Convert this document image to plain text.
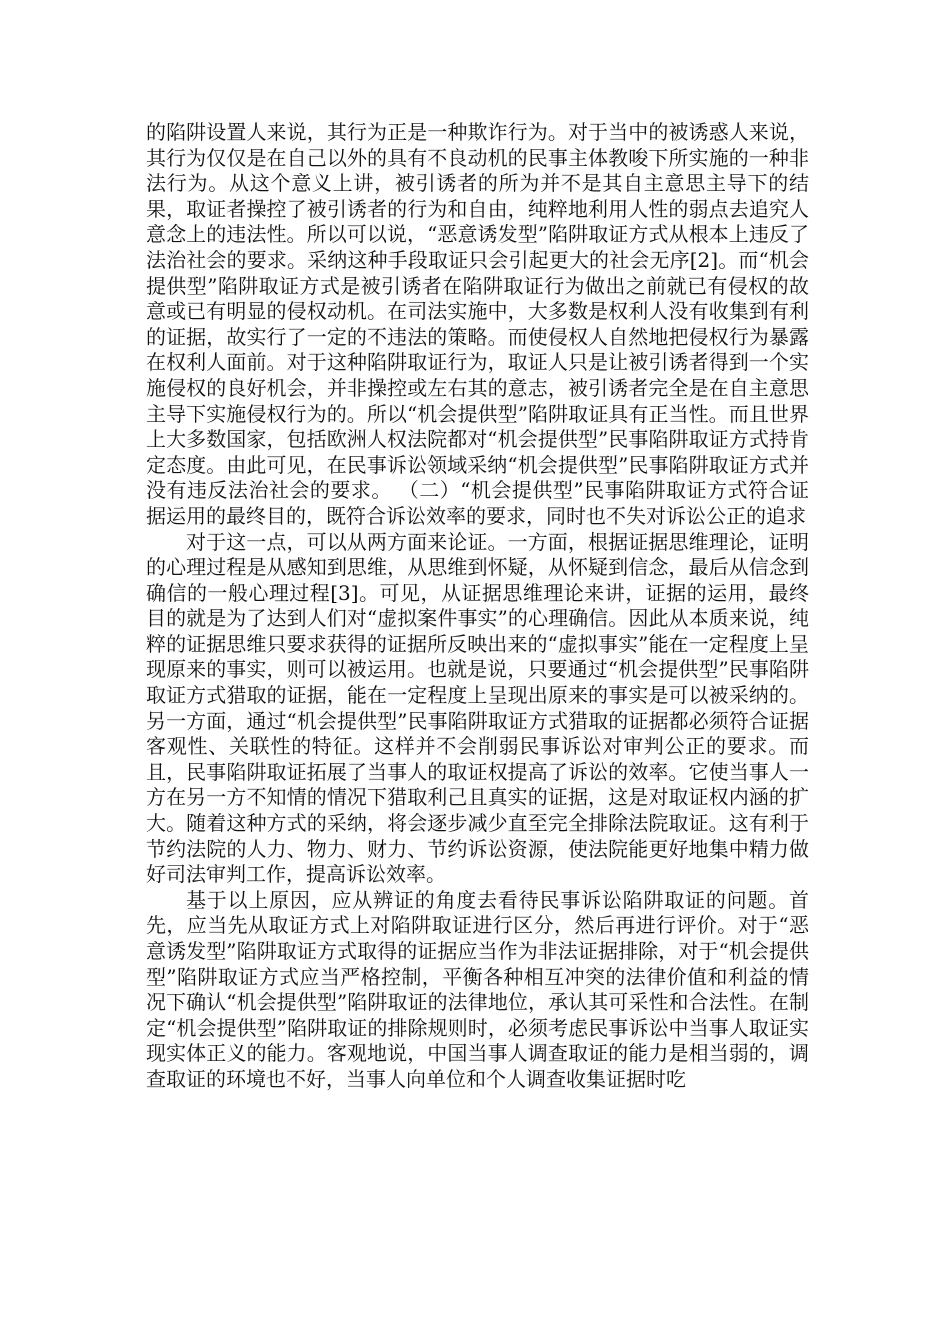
的陷阱设置人来说，其行为正是一种欺诈行为。对于当中的被诱惑人来说，其行为仅仅是在自己以外的具有不良动机的民事主体教唆下所实施的一种非法行为。从这个意义上讲，被引诱者的所为并不是其自主意思主导下的结果，取证者操控了被引诱者的行为和自由，纯粹地利用人性的弱点去追究人意念上的违法性。所以可以说，“恶意诱发型”陷阱取证方式从根本上违反了法治社会的要求。采纳这种手段取证只会引起更大的社会无序[2]。而“机会提供型”陷阱取证方式是被引诱者在陷阱取证行为做出之前就已有侵权的故意或已有明显的侵权动机。在司法实施中，大多数是权利人没有收集到有利的证据，故实行了一定的不违法的策略。而使侵权人自然地把侵权行为暴露在权利人面前。对于这种陷阱取证行为，取证人只是让被引诱者得到一个实施侵权的良好机会，并非操控或左右其的意志，被引诱者完全是在自主意思主导下实施侵权行为的。所以“机会提供型”陷阱取证具有正当性。而且世界上大多数国家，包括欧洲人权法院都对“机会提供型”民事陷阱取证方式持肯定态度。由此可见，在民事诉讼领域采纳“机会提供型”民事陷阱取证方式并没有违反法治社会的要求。 （二）“机会提供型”民事陷阱取证方式符合证据运用的最终目的，既符合诉讼效率的要求，同时也不失对诉讼公正的追求

对于这一点，可以从两方面来论证。一方面，根据证据思维理论，证明的心理过程是从感知到思维，从思维到怀疑，从怀疑到信念，最后从信念到确信的一般心理过程[3]。可见，从证据思维理论来讲，证据的运用，最终目的就是为了达到人们对“虚拟案件事实”的心理确信。因此从本质来说，纯粹的证据思维只要求获得的证据所反映出来的“虚拟事实”能在一定程度上呈现原来的事实，则可以被运用。也就是说，只要通过“机会提供型”民事陷阱取证方式猎取的证据，能在一定程度上呈现出原来的事实是可以被采纳的。另一方面，通过“机会提供型”民事陷阱取证方式猎取的证据都必须符合证据客观性、关联性的特征。这样并不会削弱民事诉讼对审判公正的要求。而且，民事陷阱取证拓展了当事人的取证权提高了诉讼的效率。它使当事人一方在另一方不知情的情况下猎取利己且真实的证据，这是对取证权内涵的扩大。随着这种方式的采纳，将会逐步减少直至完全排除法院取证。这有利于节约法院的人力、物力、财力、节约诉讼资源，使法院能更好地集中精力做好司法审判工作，提高诉讼效率。

基于以上原因，应从辨证的角度去看待民事诉讼陷阱取证的问题。首先，应当先从取证方式上对陷阱取证进行区分，然后再进行评价。对于“恶意诱发型”陷阱取证方式取得的证据应当作为非法证据排除，对于“机会提供型”陷阱取证方式应当严格控制，平衡各种相互冲突的法律价值和利益的情况下确认“机会提供型”陷阱取证的法律地位，承认其可采性和合法性。在制定“机会提供型”陷阱取证的排除规则时，必须考虑民事诉讼中当事人取证实现实体正义的能力。客观地说，中国当事人调查取证的能力是相当弱的，调查取证的环境也不好，当事人向单位和个人调查收集证据时吃
